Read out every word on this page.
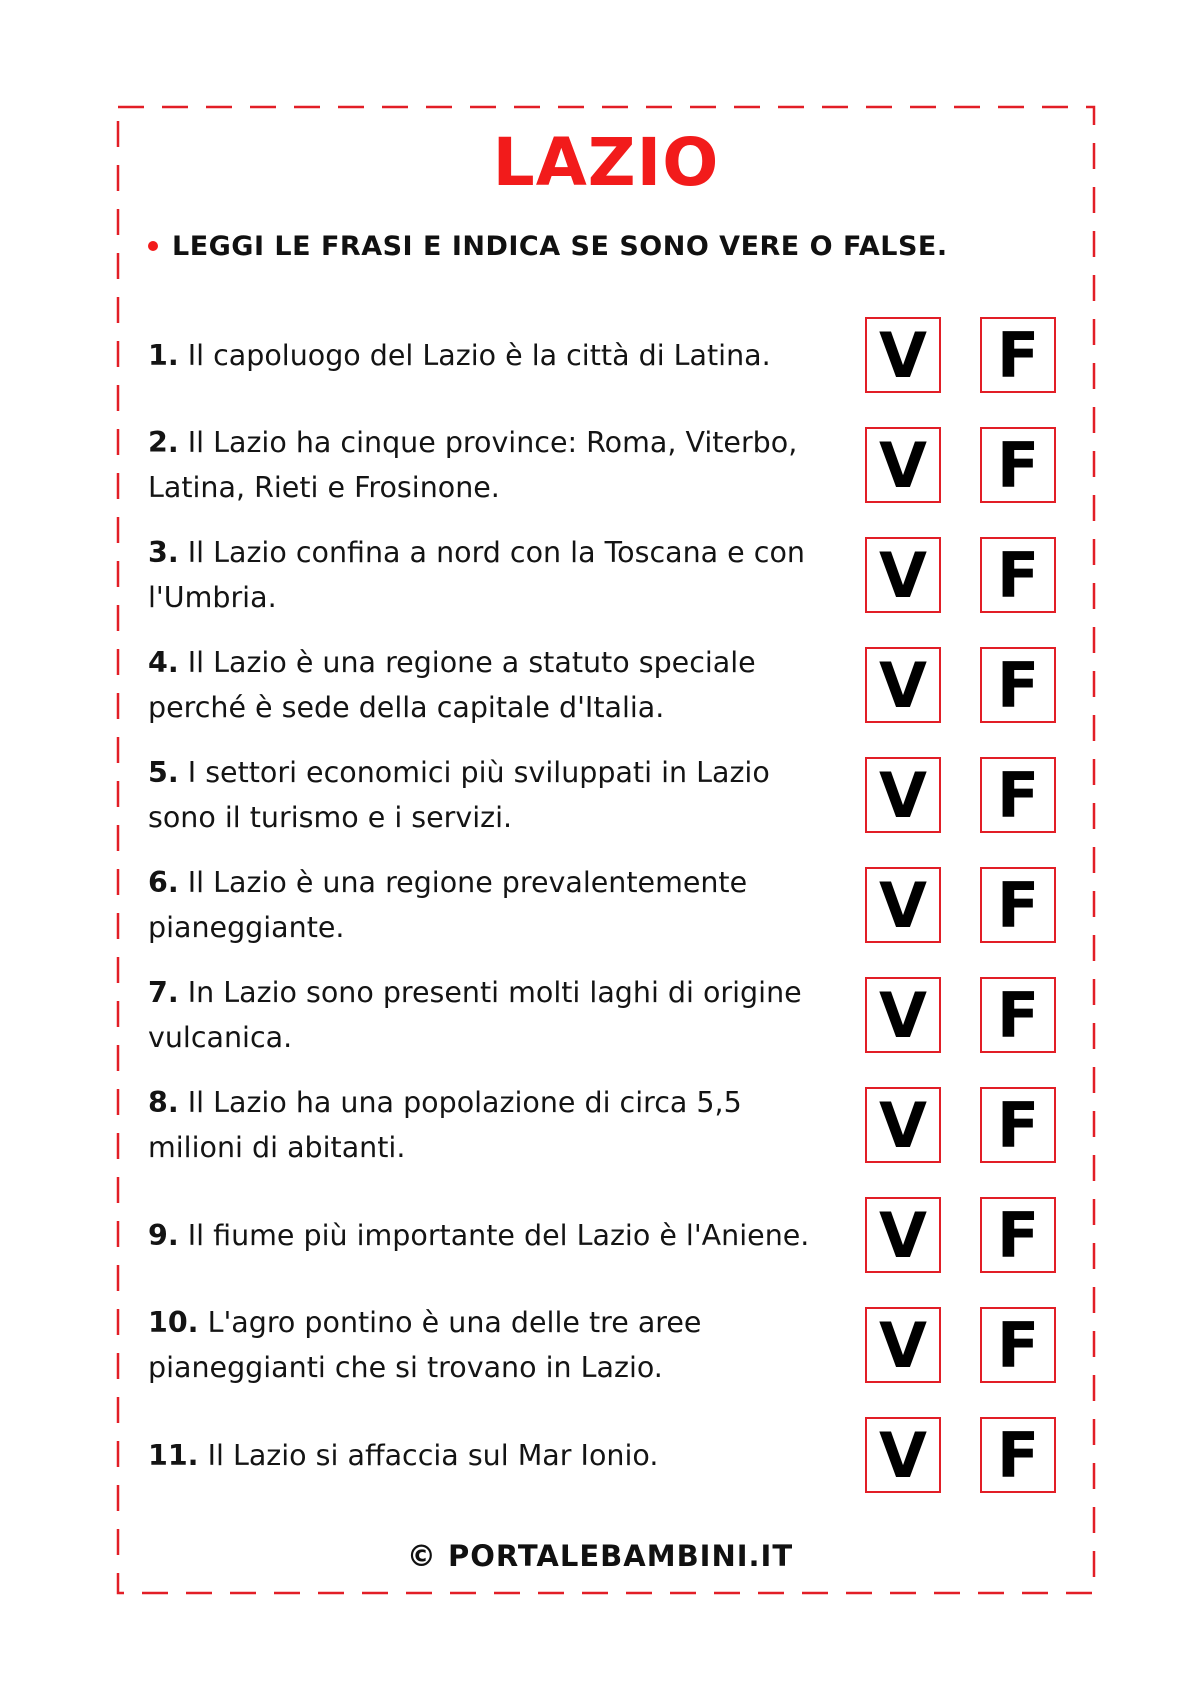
LAZIO
LEGGI LE FRASI E INDICA SE SONO VERE O FALSE.
1. Il capoluogo del Lazio è la città di Latina.	V F
2. Il Lazio ha cinque province: Roma, Viterbo, Latina, Rieti e Frosinone.	V F
3. Il Lazio confina a nord con la Toscana e con l'Umbria.	V F
4. Il Lazio è una regione a statuto speciale perché è sede della capitale d'Italia.	V F
5. I settori economici più sviluppati in Lazio sono il turismo e i servizi.	V F
6. Il Lazio è una regione prevalentemente pianeggiante.	V F
7. In Lazio sono presenti molti laghi di origine vulcanica.	V F
8. Il Lazio ha una popolazione di circa 5,5 milioni di abitanti.	V F
9. Il fiume più importante del Lazio è l'Aniene.	V F
10. L'agro pontino è una delle tre aree pianeggianti che si trovano in Lazio.	V F
11. Il Lazio si affaccia sul Mar Ionio.	V F
© PORTALEBAMBINI.IT
